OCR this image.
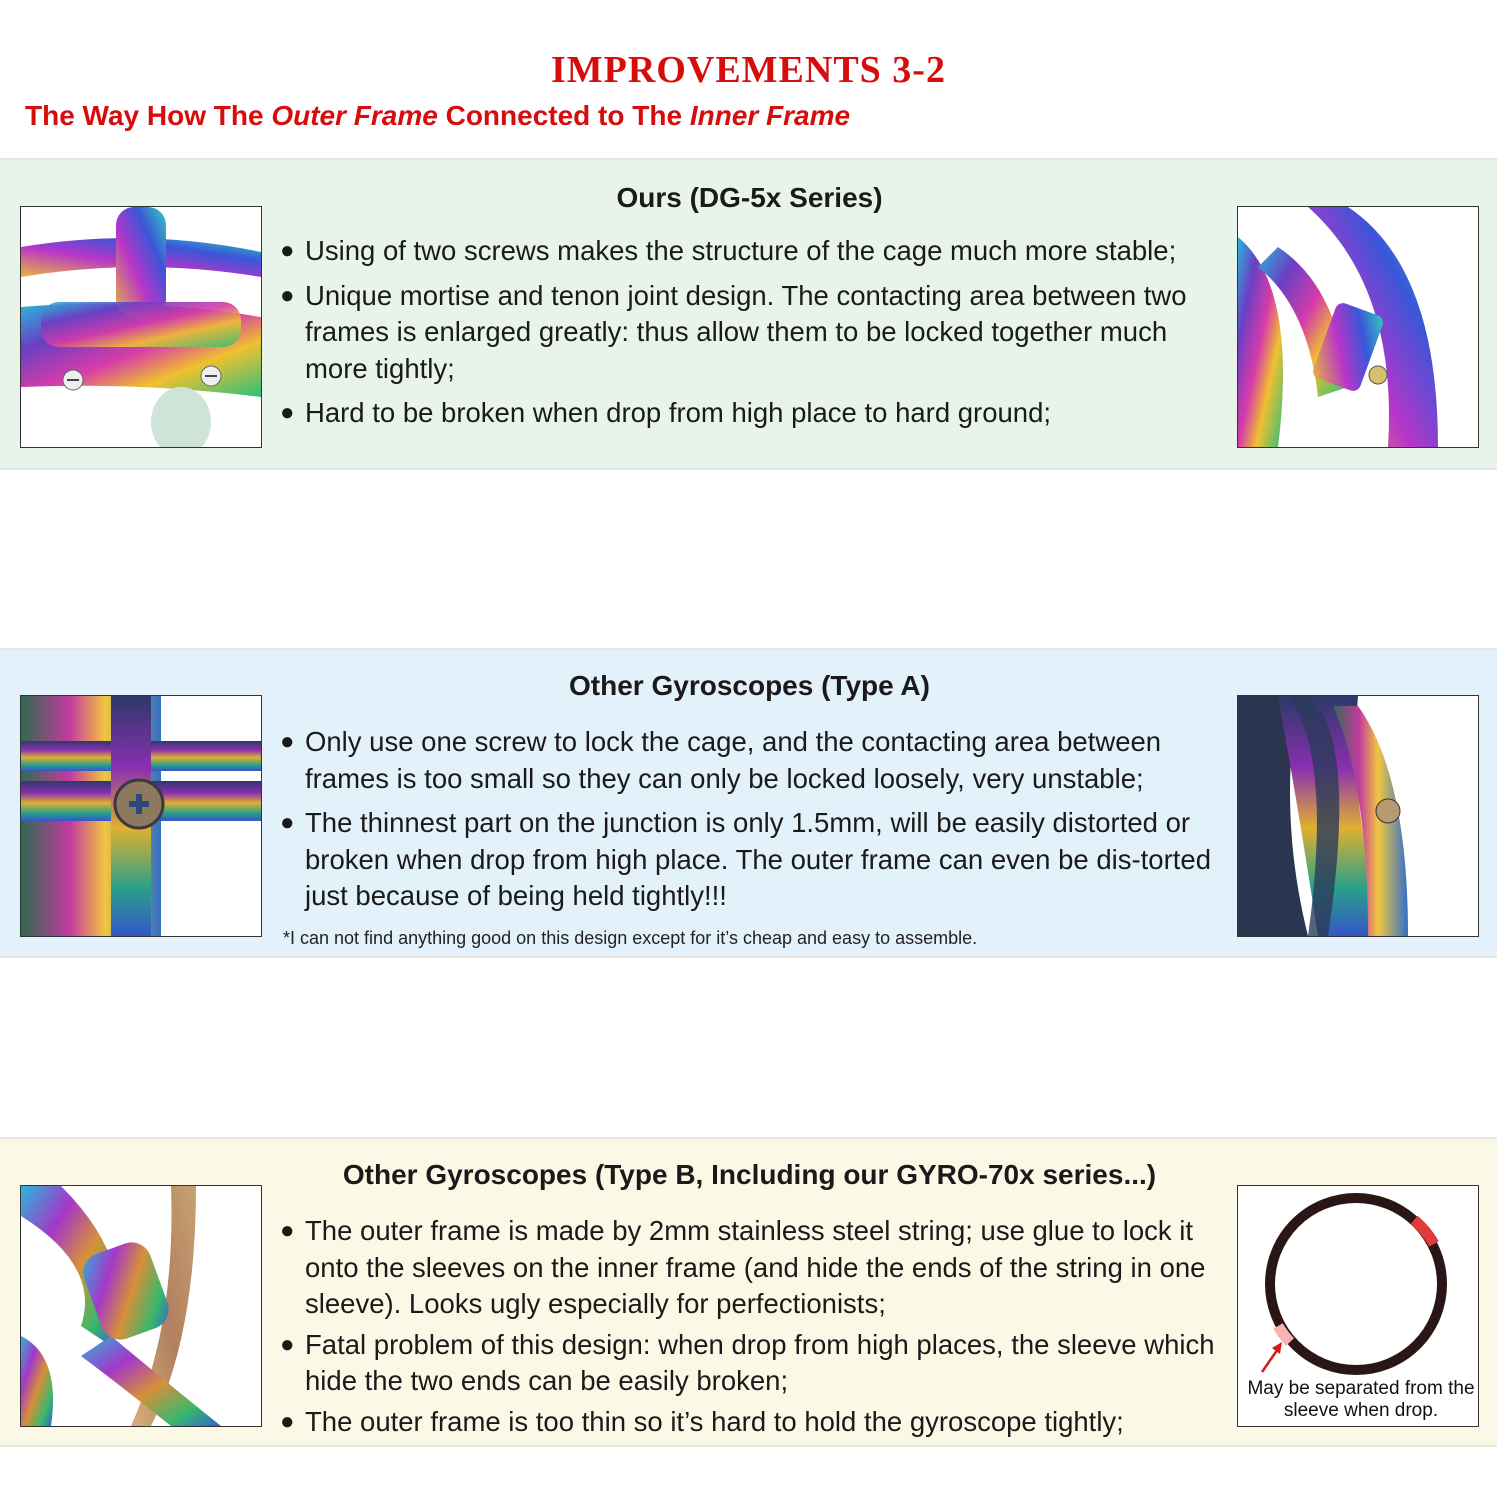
IMPROVEMENTS 3-2

The Way How The Outer Frame Connected to The Inner Frame

Ours (DG-5x Series)
● Using of two screws makes the structure of the cage much more stable;
● Unique mortise and tenon joint design. The contacting area between two frames is enlarged greatly: thus allow them to be locked together much more tightly;
● Hard to be broken when drop from high place to hard ground;
Other Gyroscopes (Type A)
● Only use one screw to lock the cage, and the contacting area between frames is too small so they can only be locked loosely, very unstable;
● The thinnest part on the junction is only 1.5mm, will be easily distorted or broken when drop from high place. The outer frame can even be dis-torted just because of being held tightly!!!

*I can not find anything good on this design except for it’s cheap and easy to assemble.

Other Gyroscopes (Type B, Including our GYRO-70x series...)
● The outer frame is made by 2mm stainless steel string; use glue to lock it onto the sleeves on the inner frame (and hide the ends of the string in one sleeve). Looks ugly especially for perfectionists;
● Fatal problem of this design: when drop from high places, the sleeve which hide the two ends can be easily broken;
● The outer frame is too thin so it’s hard to hold the gyroscope tightly;
May be separated from the sleeve when drop.
